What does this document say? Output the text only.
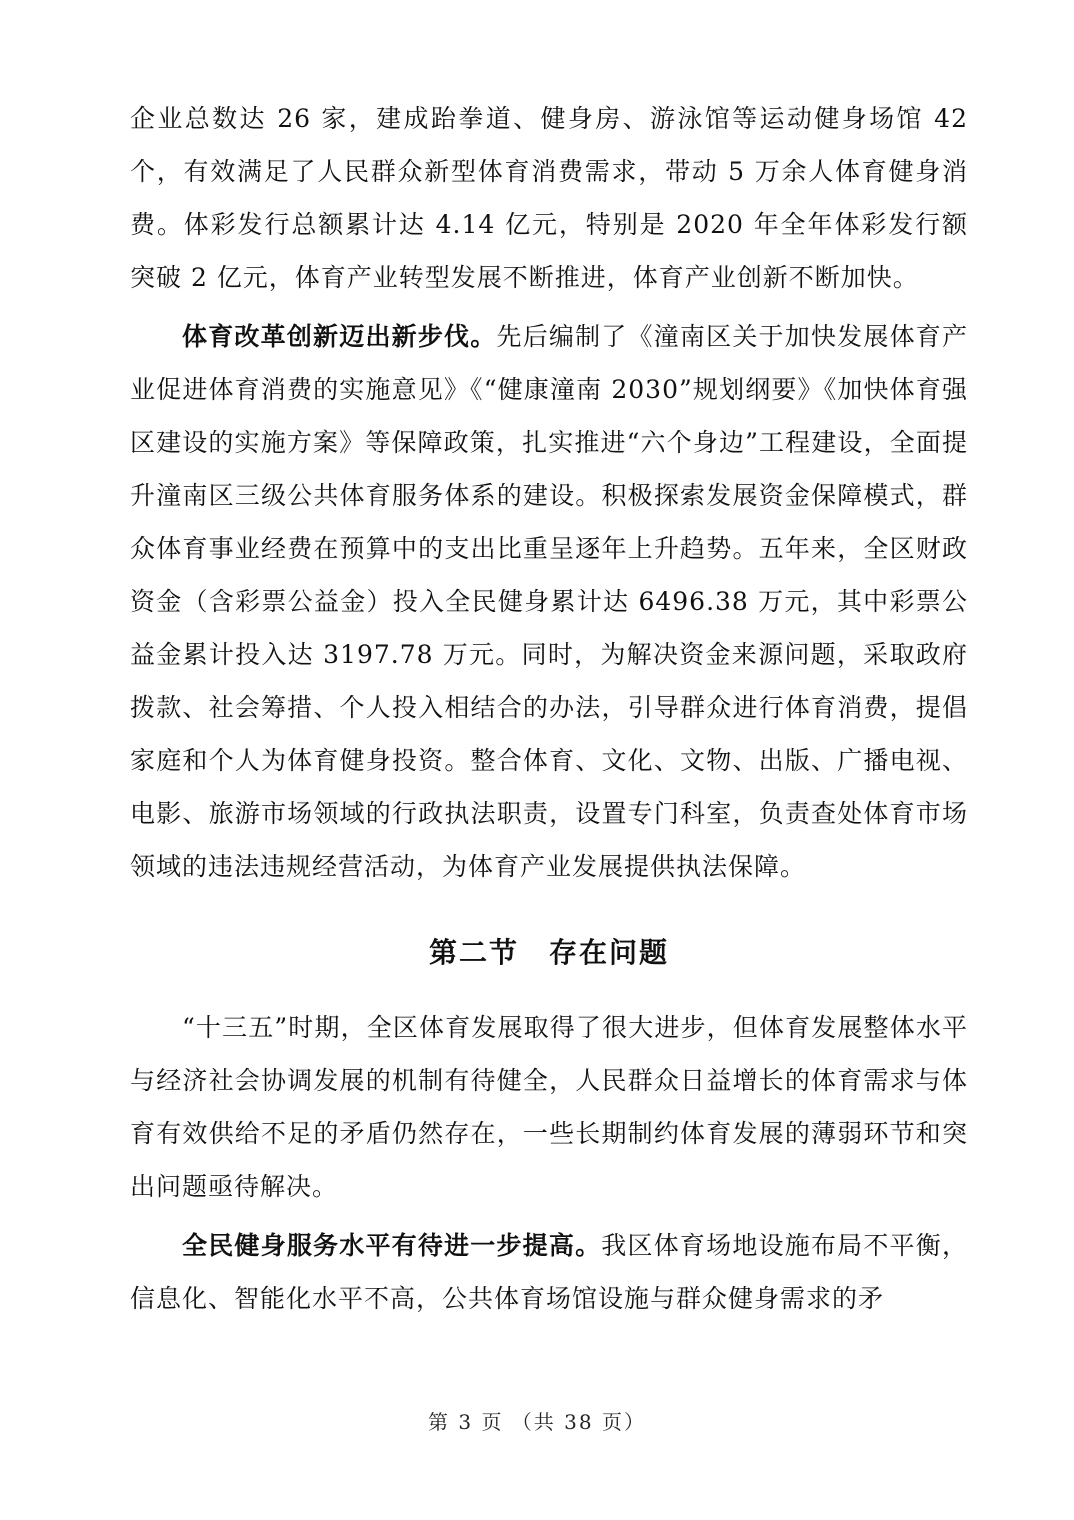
企业总数达 26 家，建成跆拳道、健身房、游泳馆等运动健身场馆 42 个，有效满足了人民群众新型体育消费需求，带动 5 万余人体育健身消费。体彩发行总额累计达 4.14 亿元，特别是 2020 年全年体彩发行额突破 2 亿元，体育产业转型发展不断推进，体育产业创新不断加快。

体育改革创新迈出新步伐。先后编制了《潼南区关于加快发展体育产业促进体育消费的实施意见》《“健康潼南 2030”规划纲要》《加快体育强区建设的实施方案》等保障政策，扎实推进“六个身边”工程建设，全面提升潼南区三级公共体育服务体系的建设。积极探索发展资金保障模式，群众体育事业经费在预算中的支出比重呈逐年上升趋势。五年来，全区财政资金（含彩票公益金）投入全民健身累计达 6496.38 万元，其中彩票公益金累计投入达 3197.78 万元。同时，为解决资金来源问题，采取政府拨款、社会筹措、个人投入相结合的办法，引导群众进行体育消费，提倡家庭和个人为体育健身投资。整合体育、文化、文物、出版、广播电视、电影、旅游市场领域的行政执法职责，设置专门科室，负责查处体育市场领域的违法违规经营活动，为体育产业发展提供执法保障。

第二节　存在问题

“十三五”时期，全区体育发展取得了很大进步，但体育发展整体水平与经济社会协调发展的机制有待健全，人民群众日益增长的体育需求与体育有效供给不足的矛盾仍然存在，一些长期制约体育发展的薄弱环节和突出问题亟待解决。

全民健身服务水平有待进一步提高。我区体育场地设施布局不平衡，信息化、智能化水平不高，公共体育场馆设施与群众健身需求的矛

第 3 页 （共 38 页）
